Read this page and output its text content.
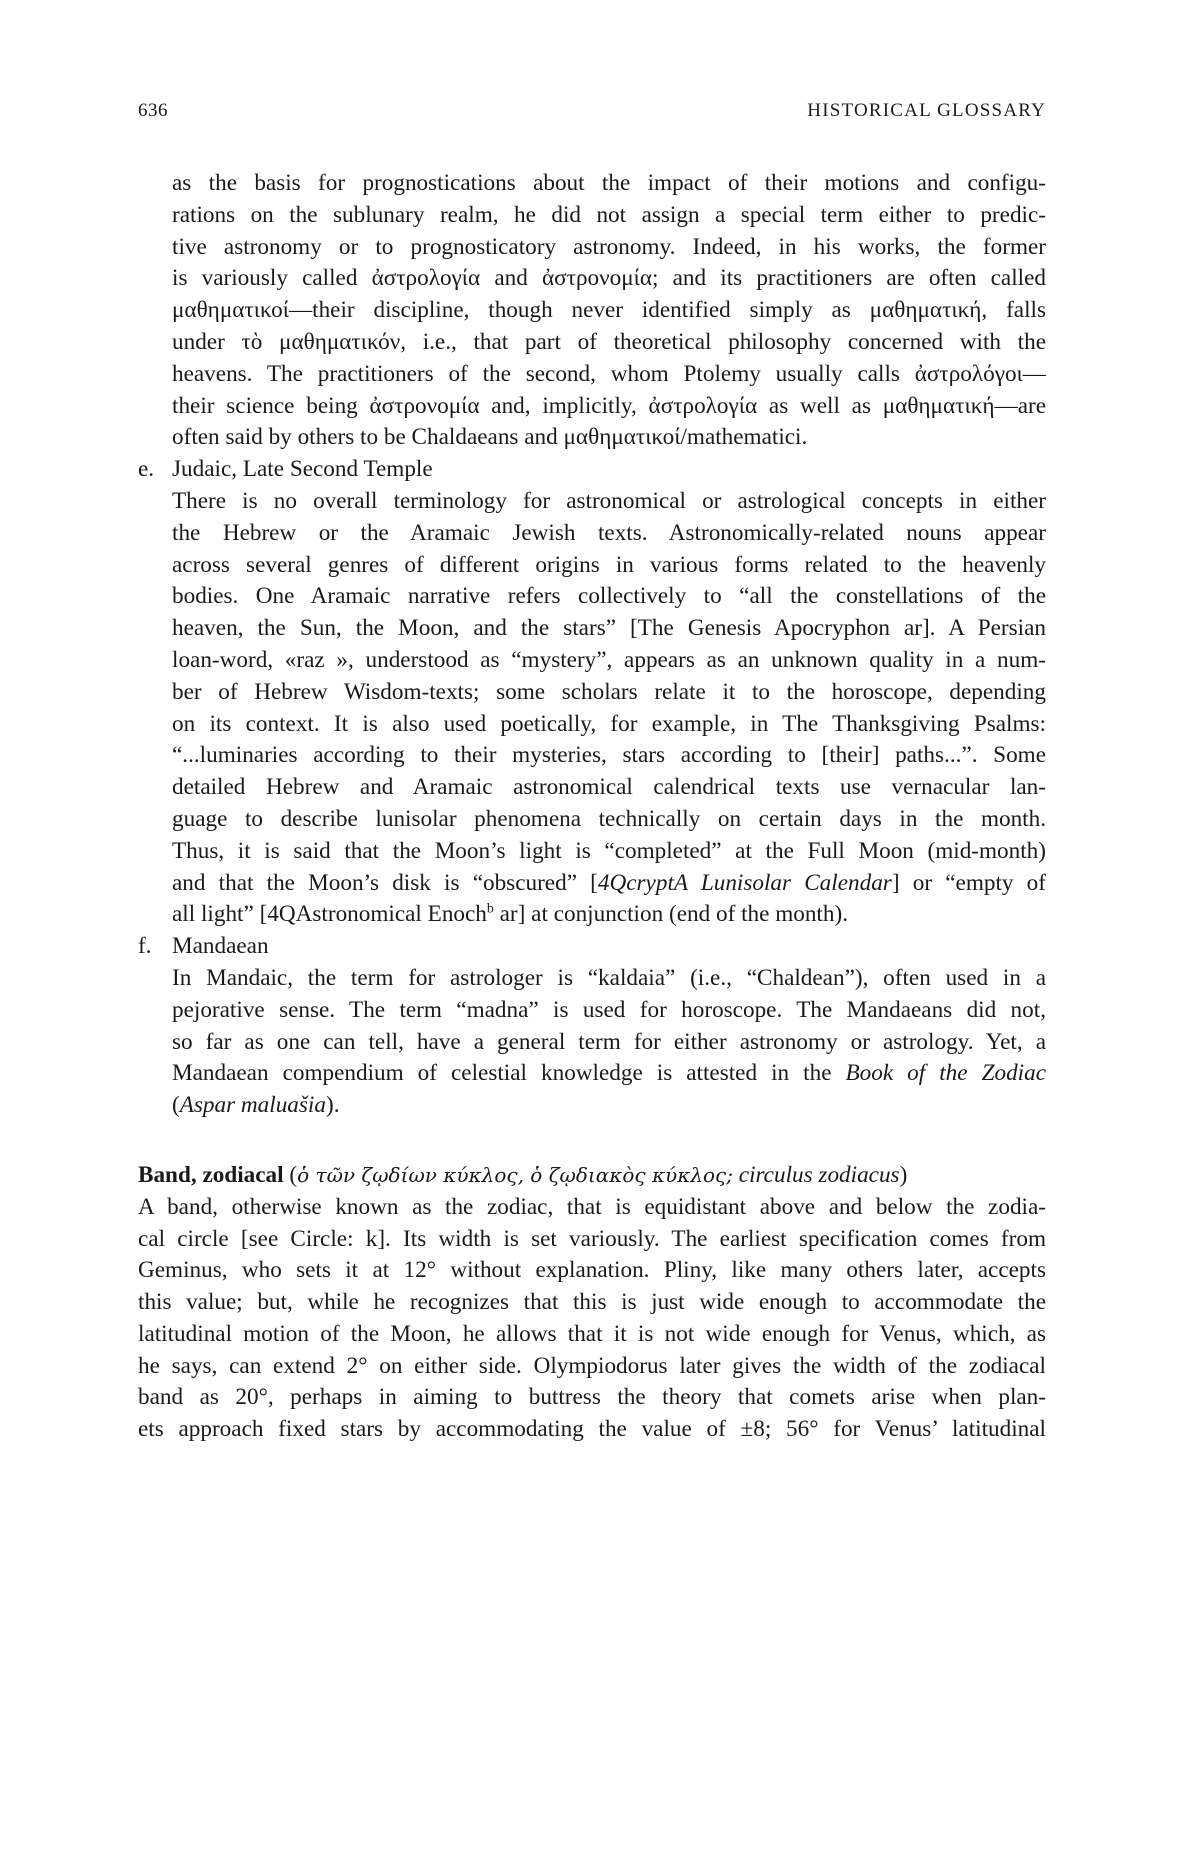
636	HISTORICAL GLOSSARY
as the basis for prognostications about the impact of their motions and configu-
rations on the sublunary realm, he did not assign a special term either to predic-
tive astronomy or to prognosticatory astronomy. Indeed, in his works, the former
is variously called ἀστρολογία and ἀστρονομία; and its practitioners are often called
μαθηματικοί—their discipline, though never identified simply as μαθηματική, falls
under τὸ μαθηματικόν, i.e., that part of theoretical philosophy concerned with the
heavens. The practitioners of the second, whom Ptolemy usually calls ἀστρολόγοι—
their science being ἀστρονομία and, implicitly, ἀστρολογία as well as μαθηματική—are
often said by others to be Chaldaeans and μαθηματικοί/mathematici.
e. Judaic, Late Second Temple
There is no overall terminology for astronomical or astrological concepts in either
the Hebrew or the Aramaic Jewish texts. Astronomically-related nouns appear
across several genres of different origins in various forms related to the heavenly
bodies. One Aramaic narrative refers collectively to “all the constellations of the
heaven, the Sun, the Moon, and the stars” [The Genesis Apocryphon ar]. A Persian
loan-word, «raz », understood as “mystery”, appears as an unknown quality in a num-
ber of Hebrew Wisdom-texts; some scholars relate it to the horoscope, depending
on its context. It is also used poetically, for example, in The Thanksgiving Psalms:
“...luminaries according to their mysteries, stars according to [their] paths...”. Some
detailed Hebrew and Aramaic astronomical calendrical texts use vernacular lan-
guage to describe lunisolar phenomena technically on certain days in the month.
Thus, it is said that the Moon’s light is “completed” at the Full Moon (mid-month)
and that the Moon’s disk is “obscured” [4QcryptA Lunisolar Calendar] or “empty of
all light” [4QAstronomical Enoch$^b$ ar] at conjunction (end of the month).
f. Mandaean
In Mandaic, the term for astrologer is “kaldaia” (i.e., “Chaldean”), often used in a
pejorative sense. The term “madna” is used for horoscope. The Mandaeans did not,
so far as one can tell, have a general term for either astronomy or astrology. Yet, a
Mandaean compendium of celestial knowledge is attested in the Book of the Zodiac
(Aspar maluašia).
Band, zodiacal (ὁ τῶν ζῳδίων κύκλος, ὁ ζῳδιακὸς κύκλος; circulus zodiacus)
A band, otherwise known as the zodiac, that is equidistant above and below the zodia-
cal circle [see Circle: k]. Its width is set variously. The earliest specification comes from
Geminus, who sets it at 12° without explanation. Pliny, like many others later, accepts
this value; but, while he recognizes that this is just wide enough to accommodate the
latitudinal motion of the Moon, he allows that it is not wide enough for Venus, which, as
he says, can extend 2° on either side. Olympiodorus later gives the width of the zodiacal
band as 20°, perhaps in aiming to buttress the theory that comets arise when plan-
ets approach fixed stars by accommodating the value of ±8; 56° for Venus’ latitudinal
